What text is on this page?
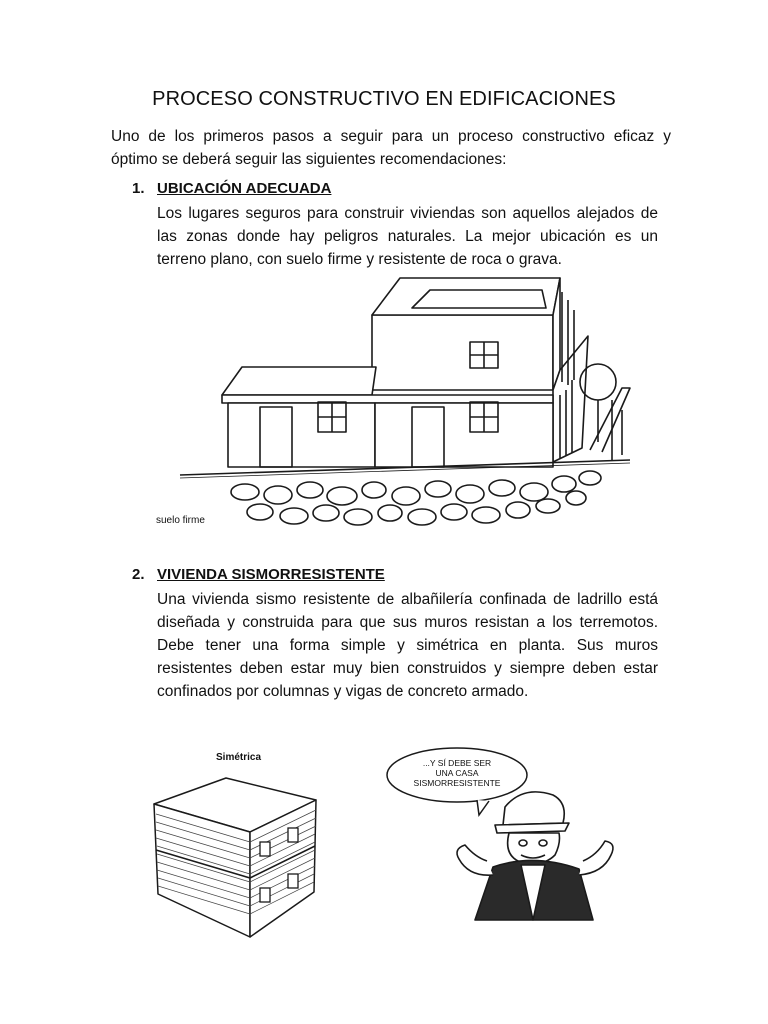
PROCESO CONSTRUCTIVO EN EDIFICACIONES
Uno de los primeros pasos a seguir para un proceso constructivo eficaz y
óptimo se deberá seguir las siguientes recomendaciones:
1. UBICACIÓN ADECUADA
Los lugares seguros para construir viviendas son aquellos alejados de
las zonas donde hay peligros naturales. La mejor ubicación es un
terreno plano, con suelo firme y resistente de roca o grava.
suelo firme
2. VIVIENDA SISMORRESISTENTE
Una vivienda sismo resistente de albañilería confinada de ladrillo está
diseñada y construida para que sus muros resistan a los terremotos.
Debe tener una forma simple y simétrica en planta. Sus muros
resistentes deben estar muy bien construidos y siempre deben estar
confinados por columnas y vigas de concreto armado.
Simétrica	...Y SÍ DEBE SER
UNA CASA
SISMORRESISTENTE
